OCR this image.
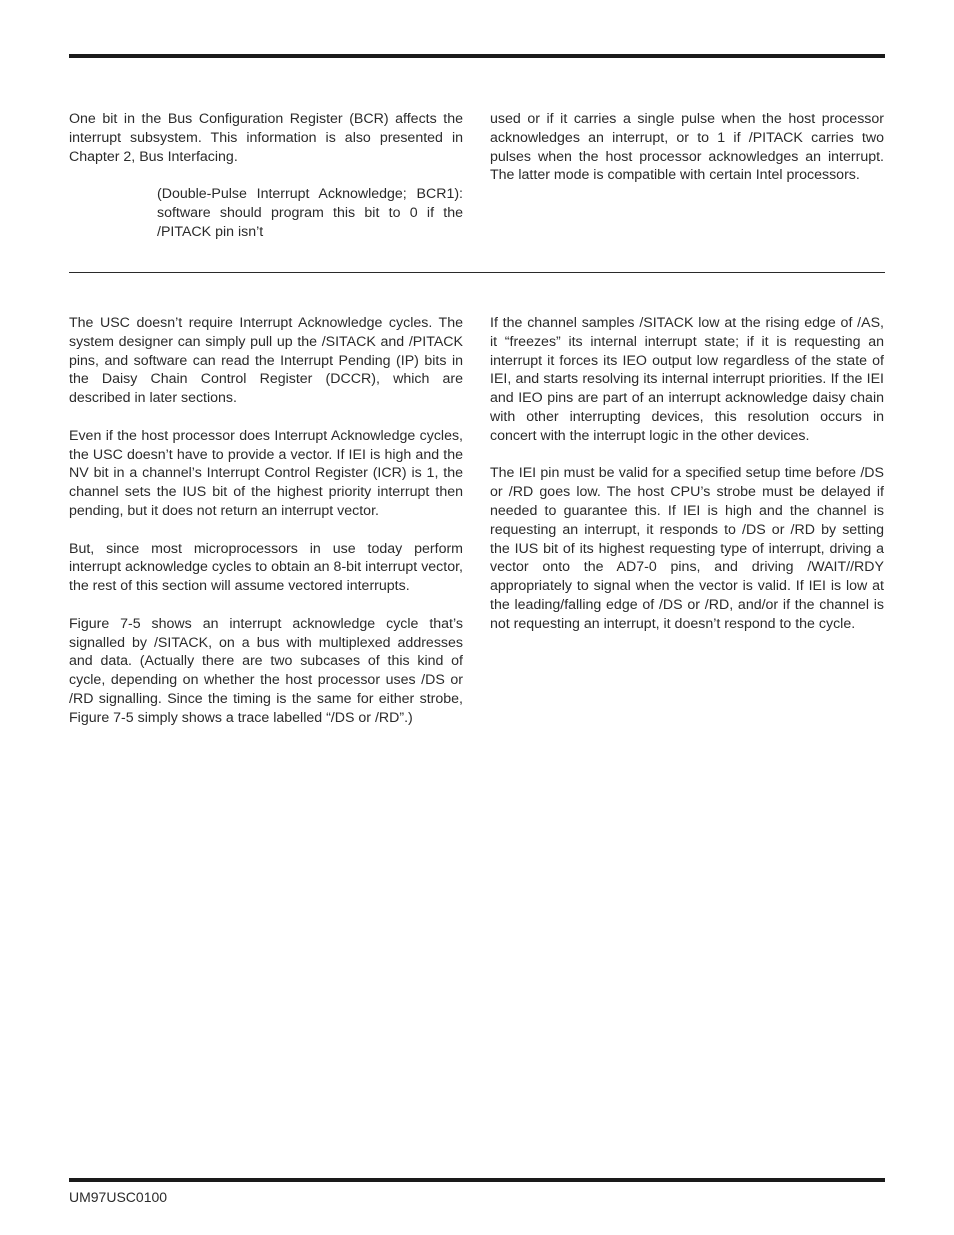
One bit in the Bus Configuration Register (BCR) affects the interrupt subsystem. This information is also presented in Chapter 2, Bus Interfacing.

(Double-Pulse Interrupt Acknowledge; BCR1): software should program this bit to 0 if the /PITACK pin isn’t

used or if it carries a single pulse when the host processor acknowledges an interrupt, or to 1 if /PITACK carries two pulses when the host processor acknowledges an interrupt. The latter mode is compatible with certain Intel processors.

The USC doesn’t require Interrupt Acknowledge cycles. The system designer can simply pull up the /SITACK and /PITACK pins, and software can read the Interrupt Pending (IP) bits in the Daisy Chain Control Register (DCCR), which are described in later sections.

Even if the host processor does Interrupt Acknowledge cycles, the USC doesn’t have to provide a vector. If IEI is high and the NV bit in a channel’s Interrupt Control Register (ICR) is 1, the channel sets the IUS bit of the highest priority interrupt then pending, but it does not return an interrupt vector.

But, since most microprocessors in use today perform interrupt acknowledge cycles to obtain an 8-bit interrupt vector, the rest of this section will assume vectored interrupts.

Figure 7-5 shows an interrupt acknowledge cycle that’s signalled by /SITACK, on a bus with multiplexed addresses and data. (Actually there are two subcases of this kind of cycle, depending on whether the host processor uses /DS or /RD signalling. Since the timing is the same for either strobe, Figure 7-5 simply shows a trace labelled “/DS or /RD”.)

If the channel samples /SITACK low at the rising edge of /AS, it “freezes” its internal interrupt state; if it is requesting an interrupt it forces its IEO output low regardless of the state of IEI, and starts resolving its internal interrupt priorities. If the IEI and IEO pins are part of an interrupt acknowledge daisy chain with other interrupting devices, this resolution occurs in concert with the interrupt logic in the other devices.

The IEI pin must be valid for a specified setup time before /DS or /RD goes low. The host CPU’s strobe must be delayed if needed to guarantee this. If IEI is high and the channel is requesting an interrupt, it responds to /DS or /RD by setting the IUS bit of its highest requesting type of interrupt, driving a vector onto the AD7-0 pins, and driving /WAIT//RDY appropriately to signal when the vector is valid. If IEI is low at the leading/falling edge of /DS or /RD, and/or if the channel is not requesting an interrupt, it doesn’t respond to the cycle.

UM97USC0100
